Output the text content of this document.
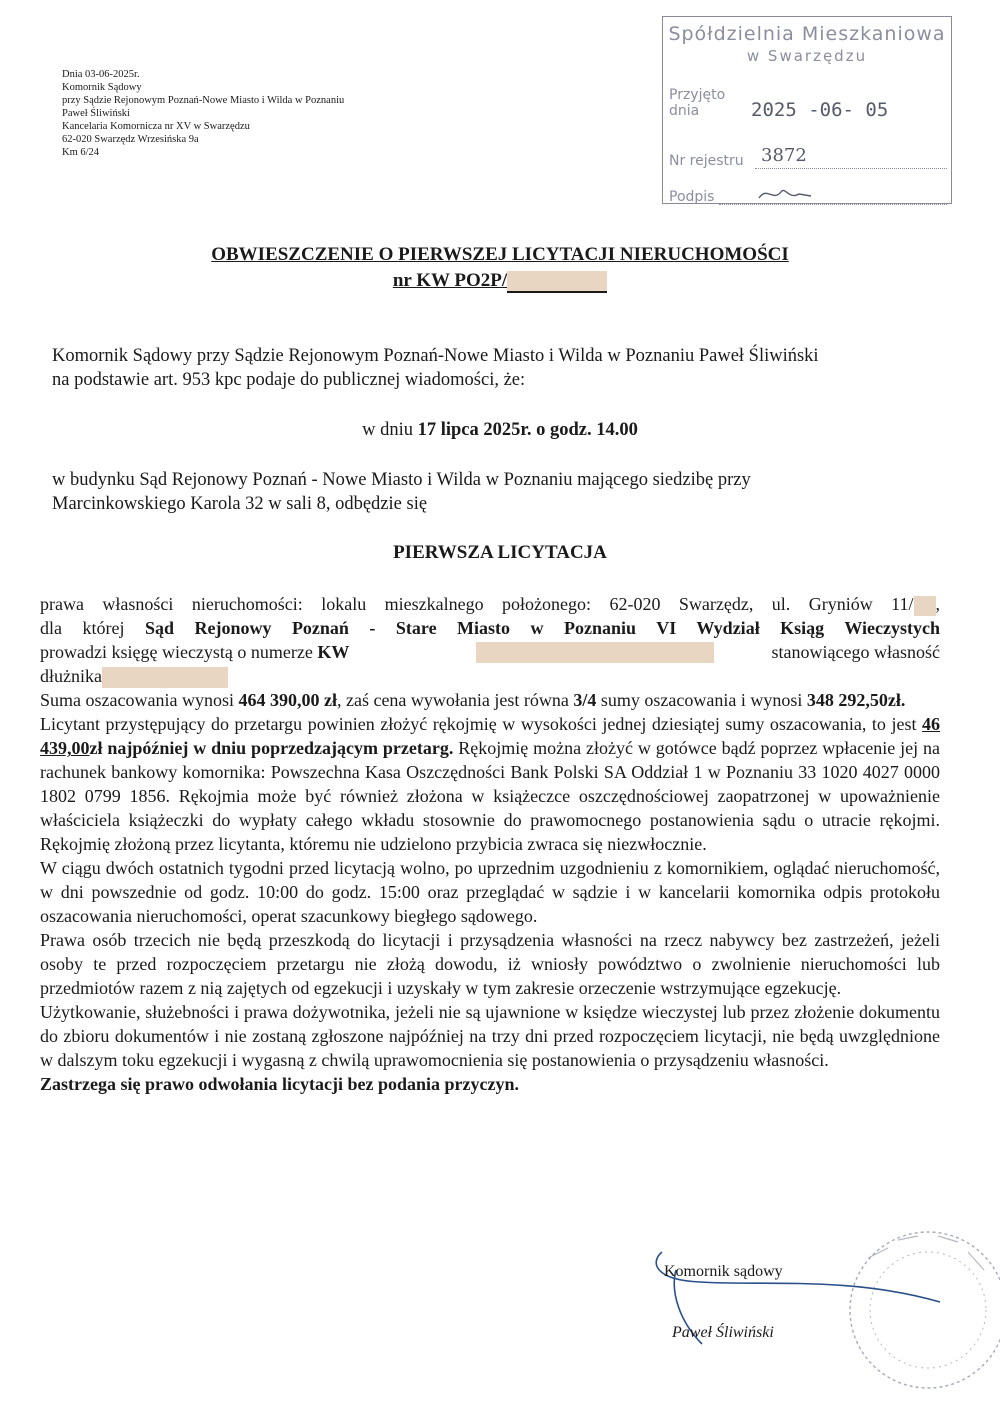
Dnia 03-06-2025r.
Komornik Sądowy
przy Sądzie Rejonowym Poznań-Nowe Miasto i Wilda w Poznaniu
Paweł Śliwiński
Kancelaria Komornicza nr XV w Swarzędzu
62-020 Swarzędz Wrzesińska 9a
Km 6/24
Spółdzielnia Mieszkaniowa
w Swarzędzu
Przyjęto
dnia	2025 -06- 05
Nr rejestru 3872
Podpis
OBWIESZCZENIE O PIERWSZEJ LICYTACJI NIERUCHOMOŚCI
nr KW PO2P/
Komornik Sądowy przy Sądzie Rejonowym Poznań-Nowe Miasto i Wilda w Poznaniu Paweł Śliwiński
na podstawie art. 953 kpc podaje do publicznej wiadomości, że:
w dniu 17 lipca 2025r. o godz. 14.00
w budynku Sąd Rejonowy Poznań - Nowe Miasto i Wilda w Poznaniu mającego siedzibę przy
Marcinkowskiego Karola 32 w sali 8, odbędzie się
PIERWSZA LICYTACJA
prawa własności nieruchomości: lokalu mieszkalnego położonego: 62-020 Swarzędz, ul. Gryniów 11/ ,
dla której Sąd Rejonowy Poznań - Stare Miasto w Poznaniu VI Wydział Ksiąg Wieczystych
prowadzi księgę wieczystą o numerze KW	stanowiącego własność
dłużnika

Suma oszacowania wynosi 464 390,00 zł, zaś cena wywołania jest równa 3/4 sumy oszacowania i wynosi 348 292,50zł.

Licytant przystępujący do przetargu powinien złożyć rękojmię w wysokości jednej dziesiątej sumy oszacowania, to jest 46 439,00zł najpóźniej w dniu poprzedzającym przetarg. Rękojmię można złożyć w gotówce bądź poprzez wpłacenie jej na rachunek bankowy komornika: Powszechna Kasa Oszczędności Bank Polski SA Oddział 1 w Poznaniu 33 1020 4027 0000 1802 0799 1856. Rękojmia może być również złożona w książeczce oszczędnościowej zaopatrzonej w upoważnienie właściciela książeczki do wypłaty całego wkładu stosownie do prawomocnego postanowienia sądu o utracie rękojmi. Rękojmię złożoną przez licytanta, któremu nie udzielono przybicia zwraca się niezwłocznie.

W ciągu dwóch ostatnich tygodni przed licytacją wolno, po uprzednim uzgodnieniu z komornikiem, oglądać nieruchomość, w dni powszednie od godz. 10:00 do godz. 15:00 oraz przeglądać w sądzie i w kancelarii komornika odpis protokołu oszacowania nieruchomości, operat szacunkowy biegłego sądowego.

Prawa osób trzecich nie będą przeszkodą do licytacji i przysądzenia własności na rzecz nabywcy bez zastrzeżeń, jeżeli osoby te przed rozpoczęciem przetargu nie złożą dowodu, iż wniosły powództwo o zwolnienie nieruchomości lub przedmiotów razem z nią zajętych od egzekucji i uzyskały w tym zakresie orzeczenie wstrzymujące egzekucję.

Użytkowanie, służebności i prawa dożywotnika, jeżeli nie są ujawnione w księdze wieczystej lub przez złożenie dokumentu do zbioru dokumentów i nie zostaną zgłoszone najpóźniej na trzy dni przed rozpoczęciem licytacji, nie będą uwzględnione w dalszym toku egzekucji i wygasną z chwilą uprawomocnienia się postanowienia o przysądzeniu własności.

Zastrzega się prawo odwołania licytacji bez podania przyczyn.

Komornik sądowy
Paweł Śliwiński
